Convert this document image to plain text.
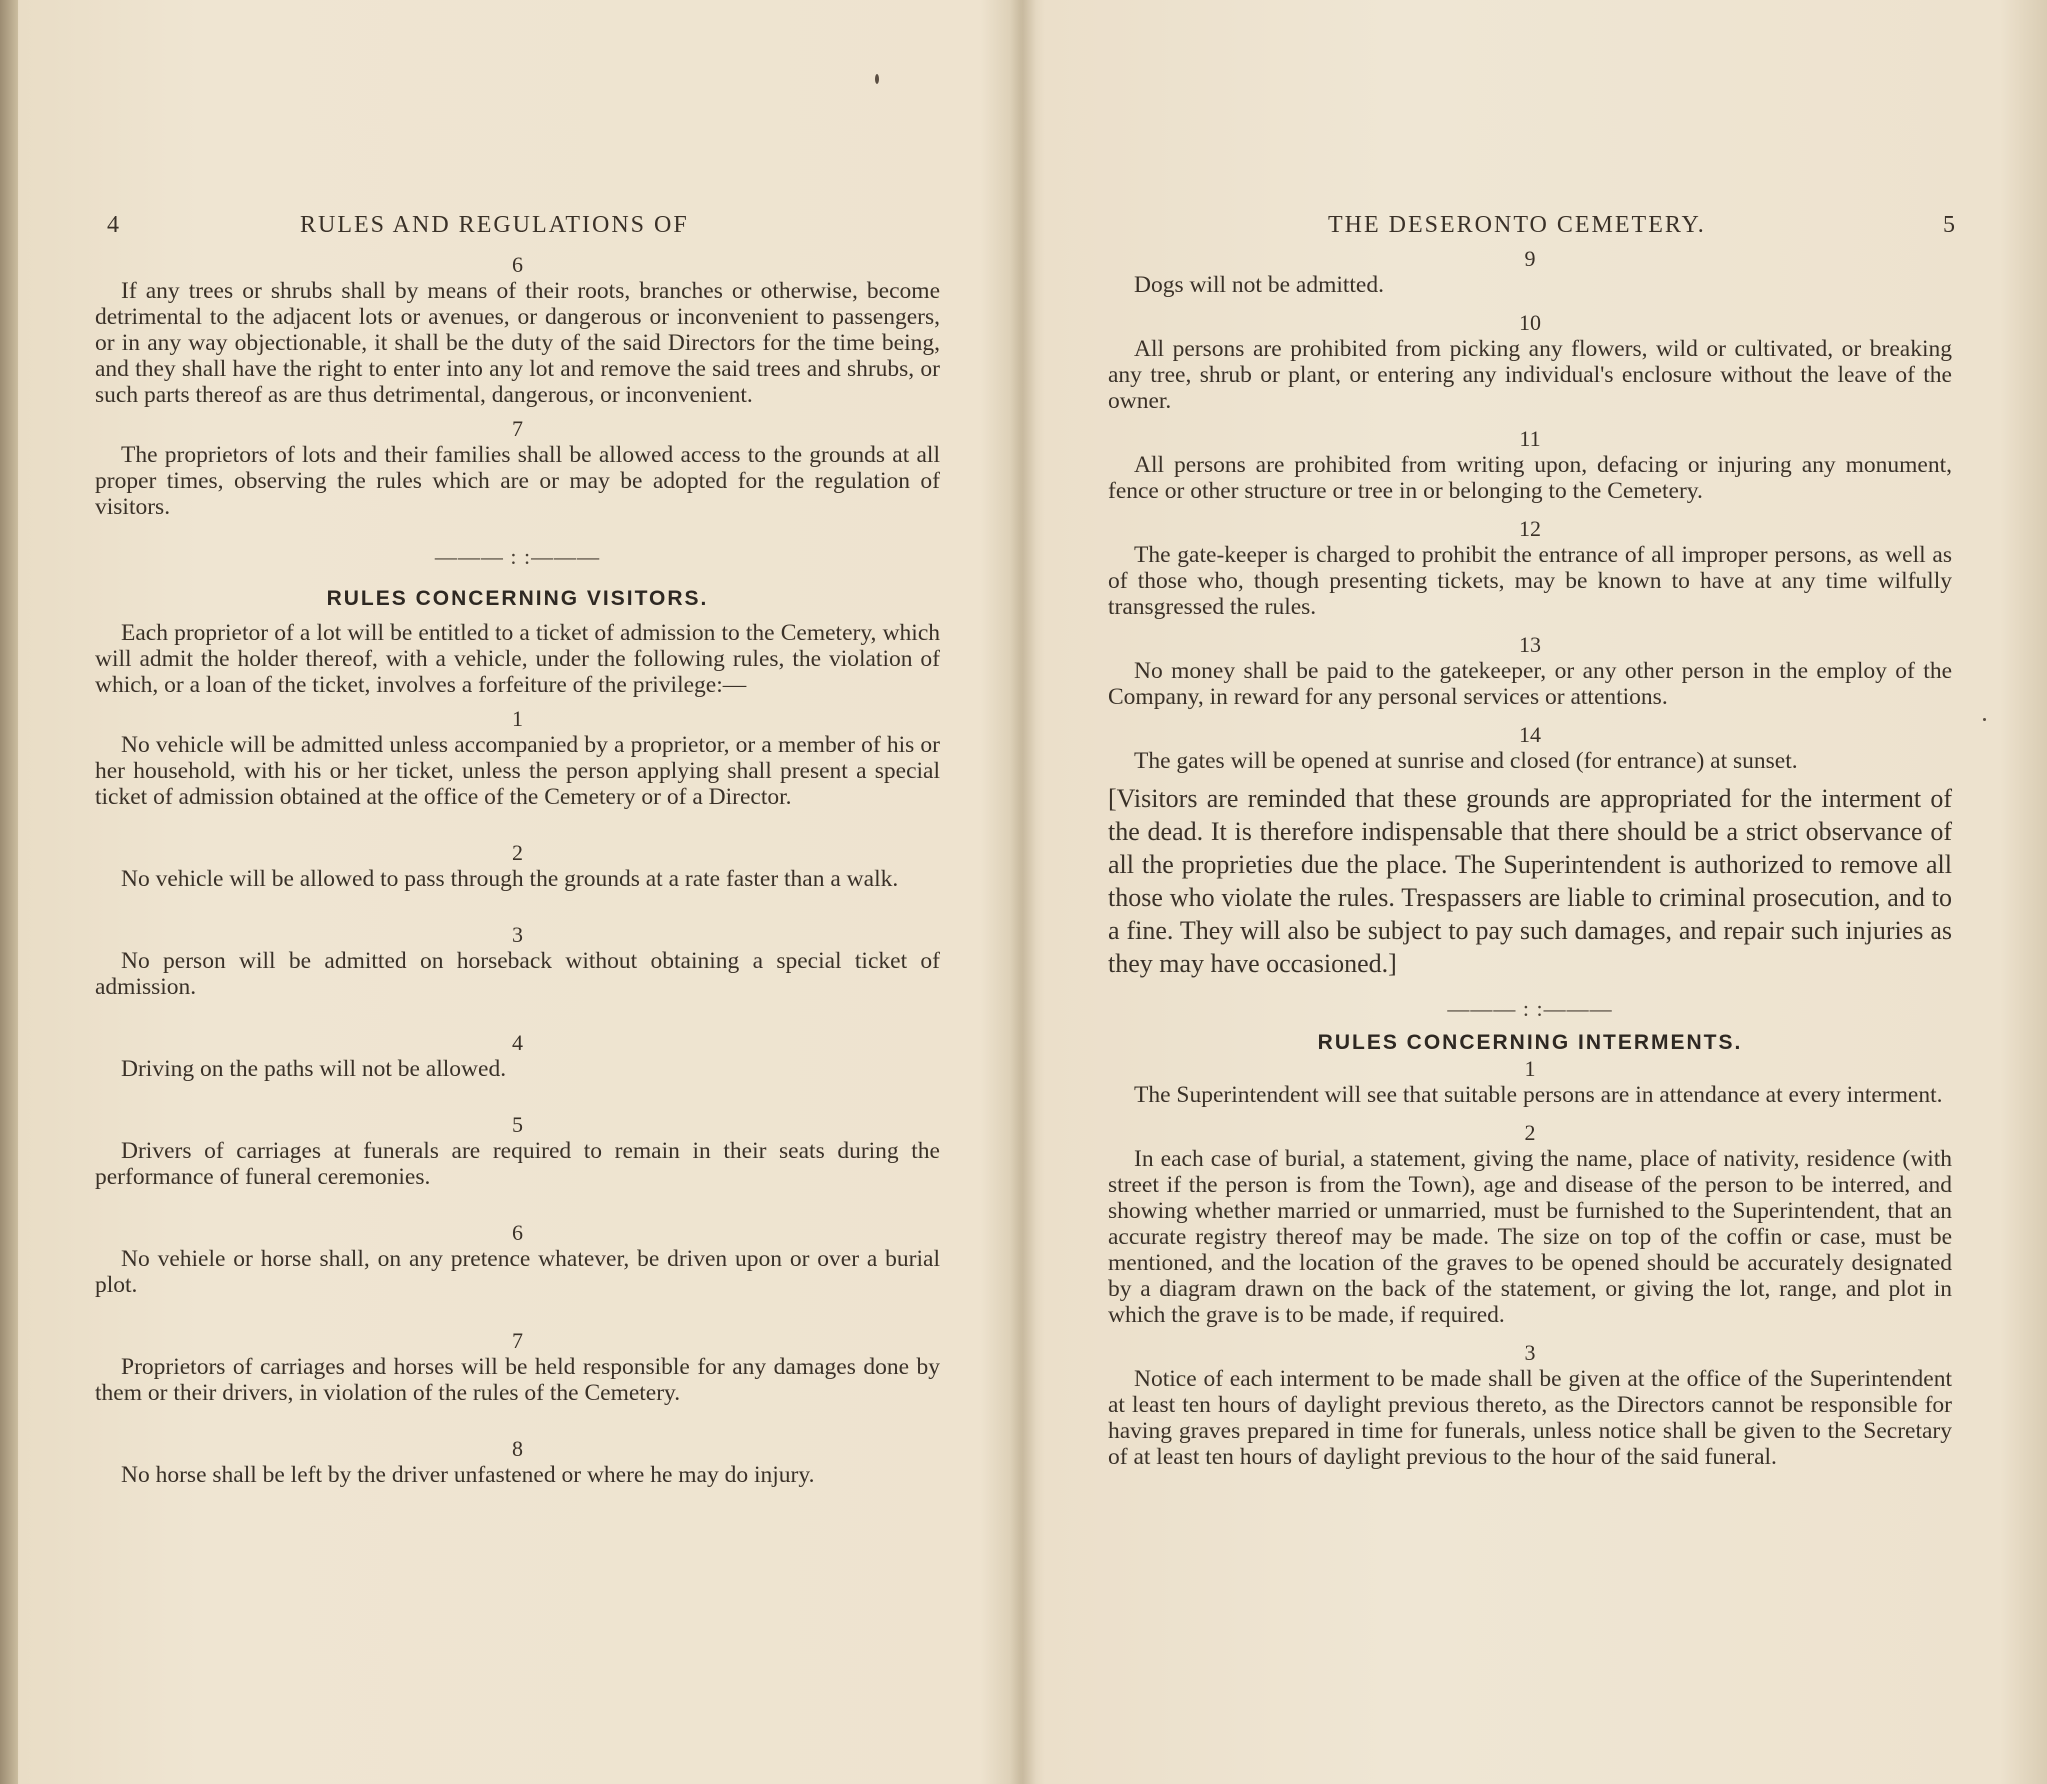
4	RULES AND REGULATIONS OF
6

If any trees or shrubs shall by means of their roots, branches or otherwise, become detrimental to the adjacent lots or avenues, or dangerous or inconvenient to passengers, or in any way objectionable, it shall be the duty of the said Directors for the time being, and they shall have the right to enter into any lot and remove the said trees and shrubs, or such parts thereof as are thus detrimental, dangerous, or inconvenient.

7

The proprietors of lots and their families shall be allowed access to the grounds at all proper times, observing the rules which are or may be adopted for the regulation of visitors.

——— : :———
RULES CONCERNING VISITORS.

Each proprietor of a lot will be entitled to a ticket of admission to the Cemetery, which will admit the holder thereof, with a vehicle, under the following rules, the violation of which, or a loan of the ticket, involves a forfeiture of the privilege:—

1

No vehicle will be admitted unless accompanied by a proprietor, or a member of his or her household, with his or her ticket, unless the person applying shall present a special ticket of admission obtained at the office of the Cemetery or of a Director.

2

No vehicle will be allowed to pass through the grounds at a rate faster than a walk.

3

No person will be admitted on horseback without obtaining a special ticket of admission.

4

Driving on the paths will not be allowed.

5

Drivers of carriages at funerals are required to remain in their seats during the performance of funeral ceremonies.

6

No vehiele or horse shall, on any pretence whatever, be driven upon or over a burial plot.

7

Proprietors of carriages and horses will be held responsible for any damages done by them or their drivers, in violation of the rules of the Cemetery.

8

No horse shall be left by the driver unfastened or where he may do injury.

THE DESERONTO CEMETERY.	5
9

Dogs will not be admitted.

10

All persons are prohibited from picking any flowers, wild or cultivated, or breaking any tree, shrub or plant, or entering any individual's enclosure without the leave of the owner.

11

All persons are prohibited from writing upon, defacing or injuring any monument, fence or other structure or tree in or belonging to the Cemetery.

12

The gate-keeper is charged to prohibit the entrance of all improper persons, as well as of those who, though presenting tickets, may be known to have at any time wilfully transgressed the rules.

13

No money shall be paid to the gatekeeper, or any other person in the employ of the Company, in reward for any personal services or attentions.

14

The gates will be opened at sunrise and closed (for entrance) at sunset.

[Visitors are reminded that these grounds are appropriated for the interment of the dead. It is therefore indispensable that there should be a strict observance of all the proprieties due the place. The Superintendent is authorized to remove all those who violate the rules. Trespassers are liable to criminal prosecution, and to a fine. They will also be subject to pay such damages, and repair such injuries as they may have occasioned.]

——— : :———
RULES CONCERNING INTERMENTS.
1

The Superintendent will see that suitable persons are in attendance at every interment.

2

In each case of burial, a statement, giving the name, place of nativity, residence (with street if the person is from the Town), age and disease of the person to be interred, and showing whether married or unmarried, must be furnished to the Superintendent, that an accurate registry thereof may be made. The size on top of the coffin or case, must be mentioned, and the location of the graves to be opened should be accurately designated by a diagram drawn on the back of the statement, or giving the lot, range, and plot in which the grave is to be made, if required.

3

Notice of each interment to be made shall be given at the office of the Superintendent at least ten hours of daylight previous thereto, as the Directors cannot be responsible for having graves prepared in time for funerals, unless notice shall be given to the Secretary of at least ten hours of daylight previous to the hour of the said funeral.
